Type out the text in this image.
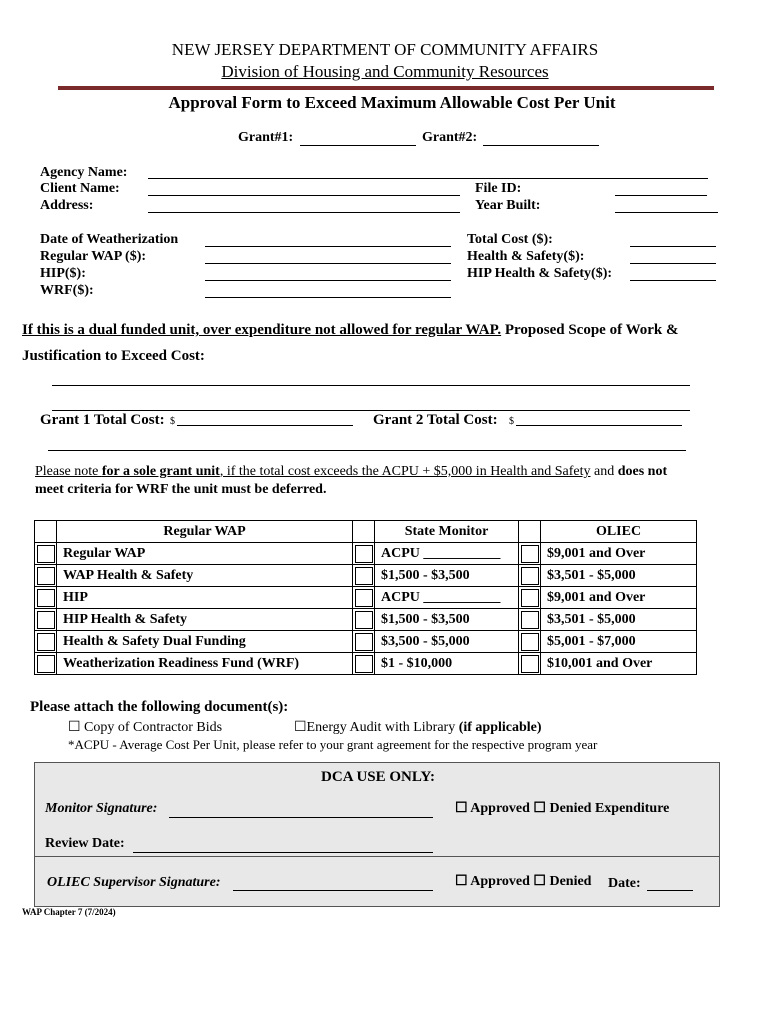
NEW JERSEY DEPARTMENT OF COMMUNITY AFFAIRS
Division of Housing and Community Resources
Approval Form to Exceed Maximum Allowable Cost Per Unit
Grant#1:	Grant#2:
Agency Name:
Client Name:
Address:
File ID:
Year Built:
Date of Weatherization
Regular WAP ($):
HIP($):
WRF($):
Total Cost ($):
Health & Safety($):
HIP Health & Safety($):
If this is a dual funded unit, over expenditure not allowed for regular WAP. Proposed Scope of Work &
Justification to Exceed Cost:
Grant 1 Total Cost: $	Grant 2 Total Cost: $
Please note for a sole grant unit, if the total cost exceeds the ACPU + $5,000 in Health and Safety and does not
meet criteria for WRF the unit must be deferred.
	Regular WAP		State Monitor		OLIEC

	Regular WAP		ACPU ___________		$9,001 and Over

	WAP Health & Safety		$1,500 - $3,500		$3,501 - $5,000

	HIP		ACPU ___________		$9,001 and Over

	HIP Health & Safety		$1,500 - $3,500		$3,501 - $5,000

	Health & Safety Dual Funding		$3,500 - $5,000		$5,001 - $7,000

	Weatherization Readiness Fund (WRF)		$1 - $10,000		$10,001 and Over
Please attach the following document(s):
☐ Copy of Contractor Bids	☐Energy Audit with Library (if applicable)
*ACPU - Average Cost Per Unit, please refer to your grant agreement for the respective program year
DCA USE ONLY:
Monitor Signature:	☐ Approved ☐ Denied Expenditure
Review Date:
OLIEC Supervisor Signature:	☐ Approved ☐ Denied Date:
WAP Chapter 7 (7/2024)
